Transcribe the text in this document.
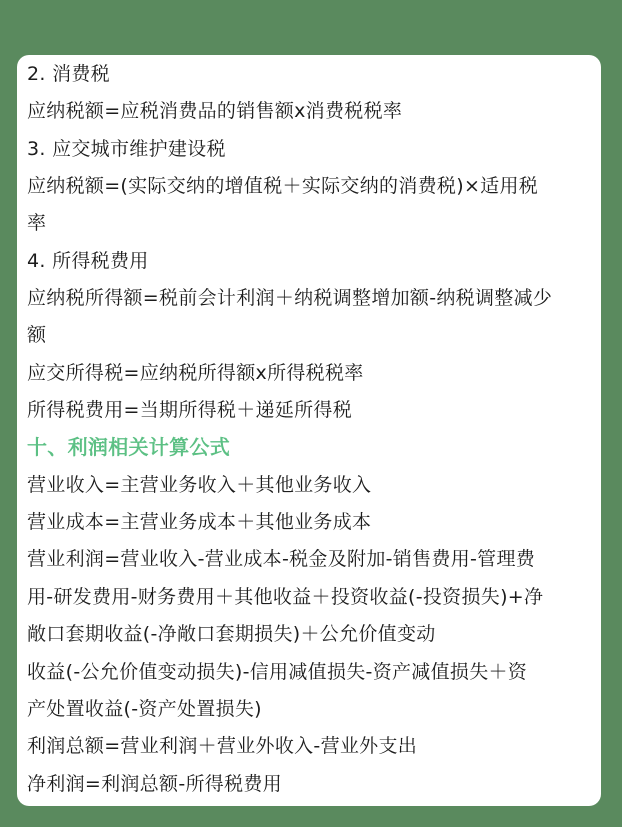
2. 消费税
应纳税额=应税消费品的销售额x消费税税率
3. 应交城市维护建设税
应纳税额=(实际交纳的增值税＋实际交纳的消费税)×适用税
率
4. 所得税费用
应纳税所得额=税前会计利润＋纳税调整增加额-纳税调整减少
额
应交所得税=应纳税所得额x所得税税率
所得税费用=当期所得税＋递延所得税
十、利润相关计算公式
营业收入=主营业务收入＋其他业务收入
营业成本=主营业务成本＋其他业务成本
营业利润=营业收入-营业成本-税金及附加-销售费用-管理费
用-研发费用-财务费用＋其他收益＋投资收益(-投资损失)+净
敞口套期收益(-净敞口套期损失)＋公允价值变动
收益(-公允价值变动损失)-信用减值损失-资产减值损失＋资
产处置收益(-资产处置损失)
利润总额=营业利润＋营业外收入-营业外支出
净利润=利润总额-所得税费用
